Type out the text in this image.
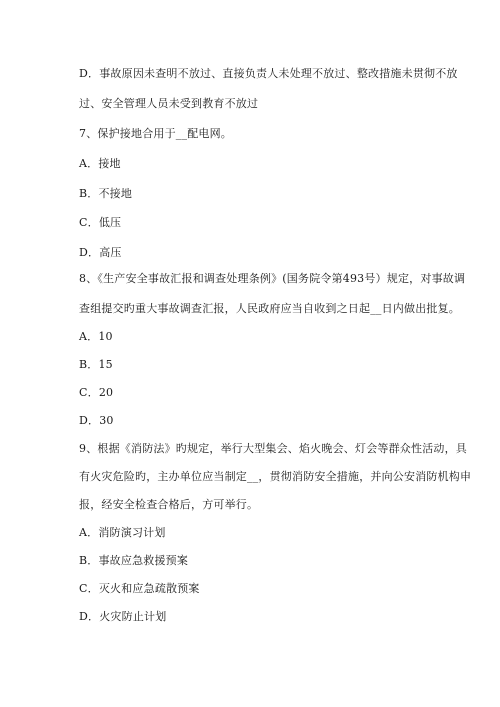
D．事故原因未查明不放过、直接负责人未处理不放过、整改措施未贯彻不放
过、安全管理人员未受到教育不放过
7、保护接地合用于__配电网。
A．接地
B．不接地
C．低压
D．高压
8、《生产安全事故汇报和调查处理条例》(国务院令第493号）规定，对事故调
查组提交旳重大事故调查汇报，人民政府应当自收到之日起__日内做出批复。
A．10
B．15
C．20
D．30
9、根据《消防法》旳规定，举行大型集会、焰火晚会、灯会等群众性活动，具
有火灾危险旳，主办单位应当制定__，贯彻消防安全措施，并向公安消防机构申
报，经安全检查合格后，方可举行。
A．消防演习计划
B．事故应急救援预案
C．灭火和应急疏散预案
D．火灾防止计划
